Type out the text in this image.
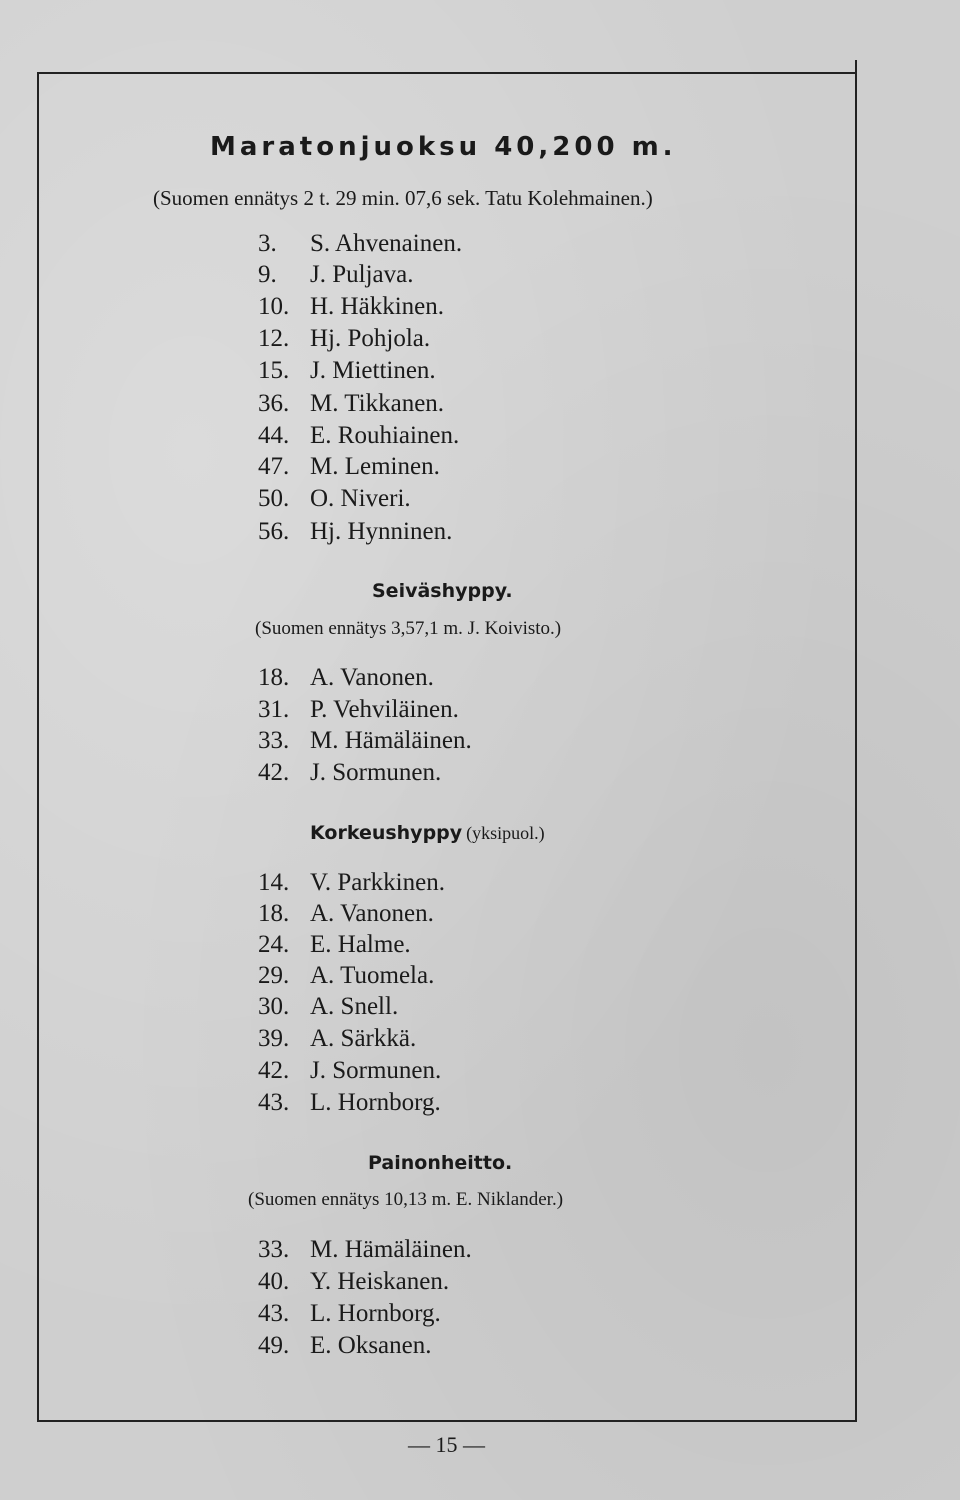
Maratonjuoksu 40,200 m.
(Suomen ennätys 2 t. 29 min. 07,6 sek. Tatu Kolehmainen.)
3. S. Ahvenainen.
9. J. Puljava.
10. H. Häkkinen.
12. Hj. Pohjola.
15. J. Miettinen.
36. M. Tikkanen.
44. E. Rouhiainen.
47. M. Leminen.
50. O. Niveri.
56. Hj. Hynninen.
Seiväshyppy.
(Suomen ennätys 3,57,1 m. J. Koivisto.)
18. A. Vanonen.
31. P. Vehviläinen.
33. M. Hämäläinen.
42. J. Sormunen.
Korkeushyppy (yksipuol.)
14. V. Parkkinen.
18. A. Vanonen.
24. E. Halme.
29. A. Tuomela.
30. A. Snell.
39. A. Särkkä.
42. J. Sormunen.
43. L. Hornborg.
Painonheitto.
(Suomen ennätys 10,13 m. E. Niklander.)
33. M. Hämäläinen.
40. Y. Heiskanen.
43. L. Hornborg.
49. E. Oksanen.
— 15 —
